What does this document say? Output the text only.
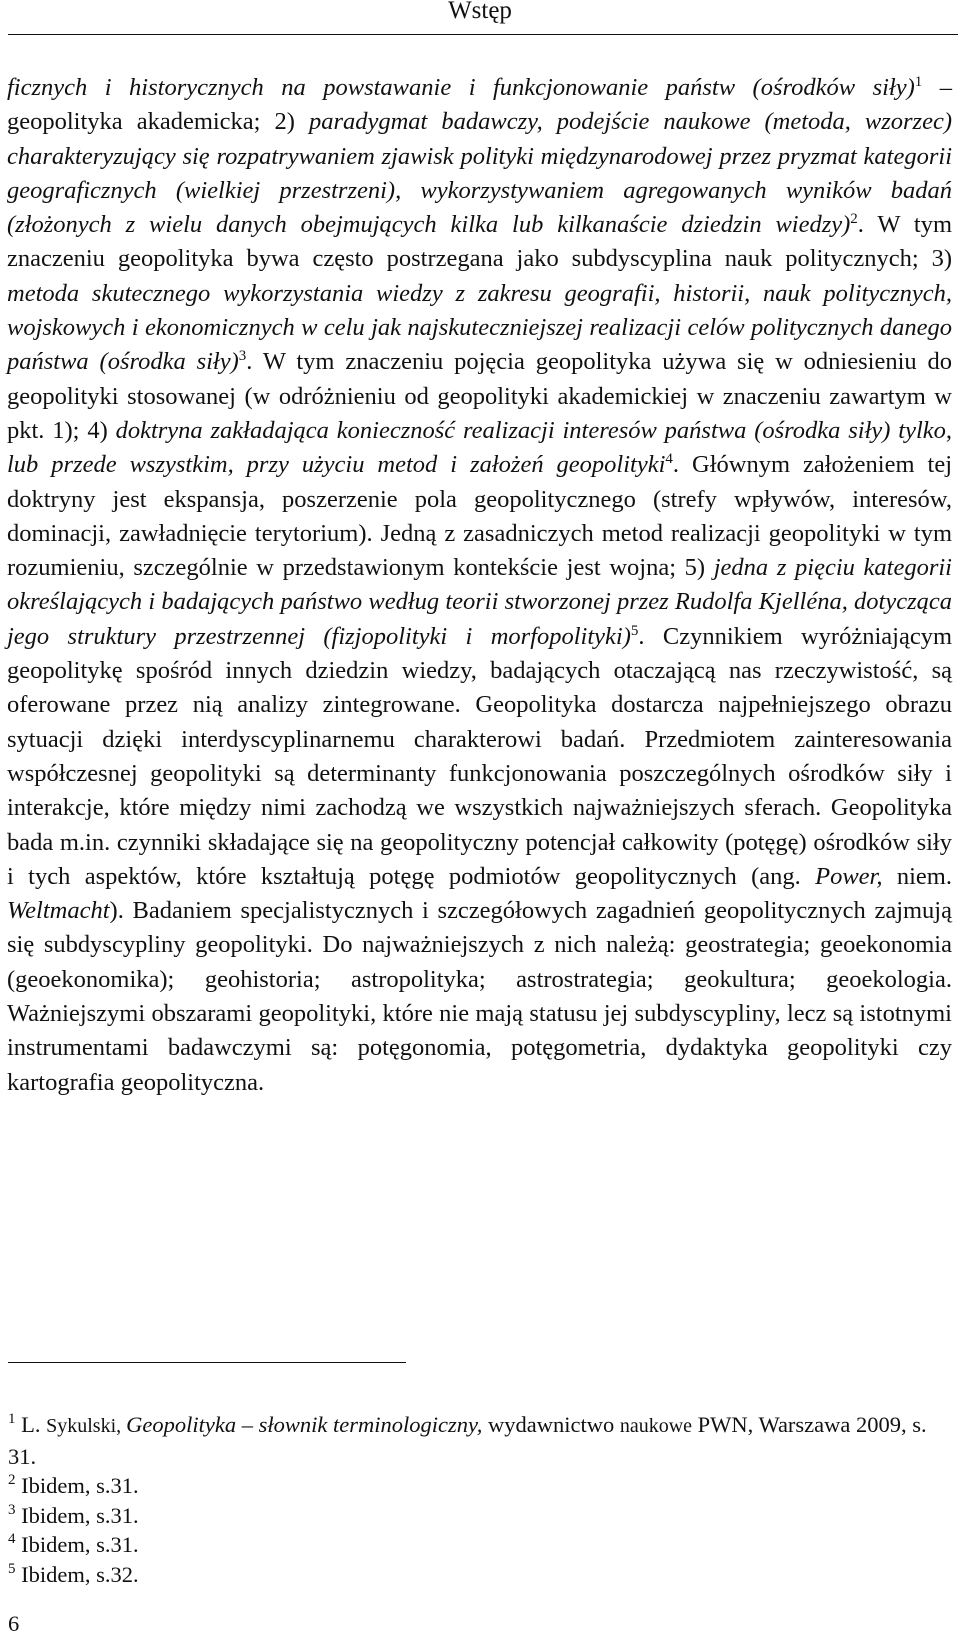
Wstęp

ficznych i historycznych na powstawanie i funkcjonowanie państw (ośrodków siły)$^1$ – geopolityka akademicka; 2) paradygmat badawczy, podejście naukowe (metoda, wzorzec) charakteryzujący się rozpatrywaniem zjawisk polityki międzynarodowej przez pryzmat kategorii geograficznych (wielkiej przestrzeni), wykorzystywaniem agregowanych wyników badań (złożonych z wielu danych obejmujących kilka lub kilkanaście dziedzin wiedzy)$^2$. W tym znaczeniu geopolityka bywa często postrzegana jako subdyscyplina nauk politycznych; 3) metoda skutecznego wykorzystania wiedzy z zakresu geografii, historii, nauk politycznych, wojskowych i ekonomicznych w celu jak najskuteczniejszej realizacji celów politycznych danego państwa (ośrodka siły)$^3$. W tym znaczeniu pojęcia geopolityka używa się w odniesieniu do geopolityki stosowanej (w odróżnieniu od geopolityki akademickiej w znaczeniu zawartym w pkt. 1); 4) doktryna zakładająca konieczność realizacji interesów państwa (ośrodka siły) tylko, lub przede wszystkim, przy użyciu metod i założeń geopolityki$^4$. Głównym założeniem tej doktryny jest ekspansja, poszerzenie pola geopolitycznego (strefy wpływów, interesów, dominacji, zawładnięcie terytorium). Jedną z zasadniczych metod realizacji geopolityki w tym rozumieniu, szczególnie w przedstawionym kontekście jest wojna; 5) jedna z pięciu kategorii określających i badających państwo według teorii stworzonej przez Rudolfa Kjelléna, dotycząca jego struktury przestrzennej (fizjopolityki i morfopolityki)$^5$. Czynnikiem wyróżniającym geopolitykę spośród innych dziedzin wiedzy, badających otaczającą nas rzeczywistość, są oferowane przez nią analizy zintegrowane. Geopolityka dostarcza najpełniejszego obrazu sytuacji dzięki interdyscyplinarnemu charakterowi badań. Przedmiotem zainteresowania współczesnej geopolityki są determinanty funkcjonowania poszczególnych ośrodków siły i interakcje, które między nimi zachodzą we wszystkich najważniejszych sferach. Geopolityka bada m.in. czynniki składające się na geopolityczny potencjał całkowity (potęgę) ośrodków siły i tych aspektów, które kształtują potęgę podmiotów geopolitycznych (ang. Power, niem. Weltmacht). Badaniem specjalistycznych i szczegółowych zagadnień geopolitycznych zajmują się subdyscypliny geopolityki. Do najważniejszych z nich należą: geostrategia; geoekonomia (geoekonomika); geohistoria; astropolityka; astrostrategia; geokultura; geoekologia. Ważniejszymi obszarami geopolityki, które nie mają statusu jej subdyscypliny, lecz są istotnymi instrumentami badawczymi są: potęgonomia, potęgometria, dydaktyka geopolityki czy kartografia geopolityczna.

$^1$ L. Sykulski, Geopolityka – słownik terminologiczny, wydawnictwo naukowe PWN, Warszawa 2009, s. 31.

$^2$ Ibidem, s.31.

$^3$ Ibidem, s.31.

$^4$ Ibidem, s.31.

$^5$ Ibidem, s.32.

6
